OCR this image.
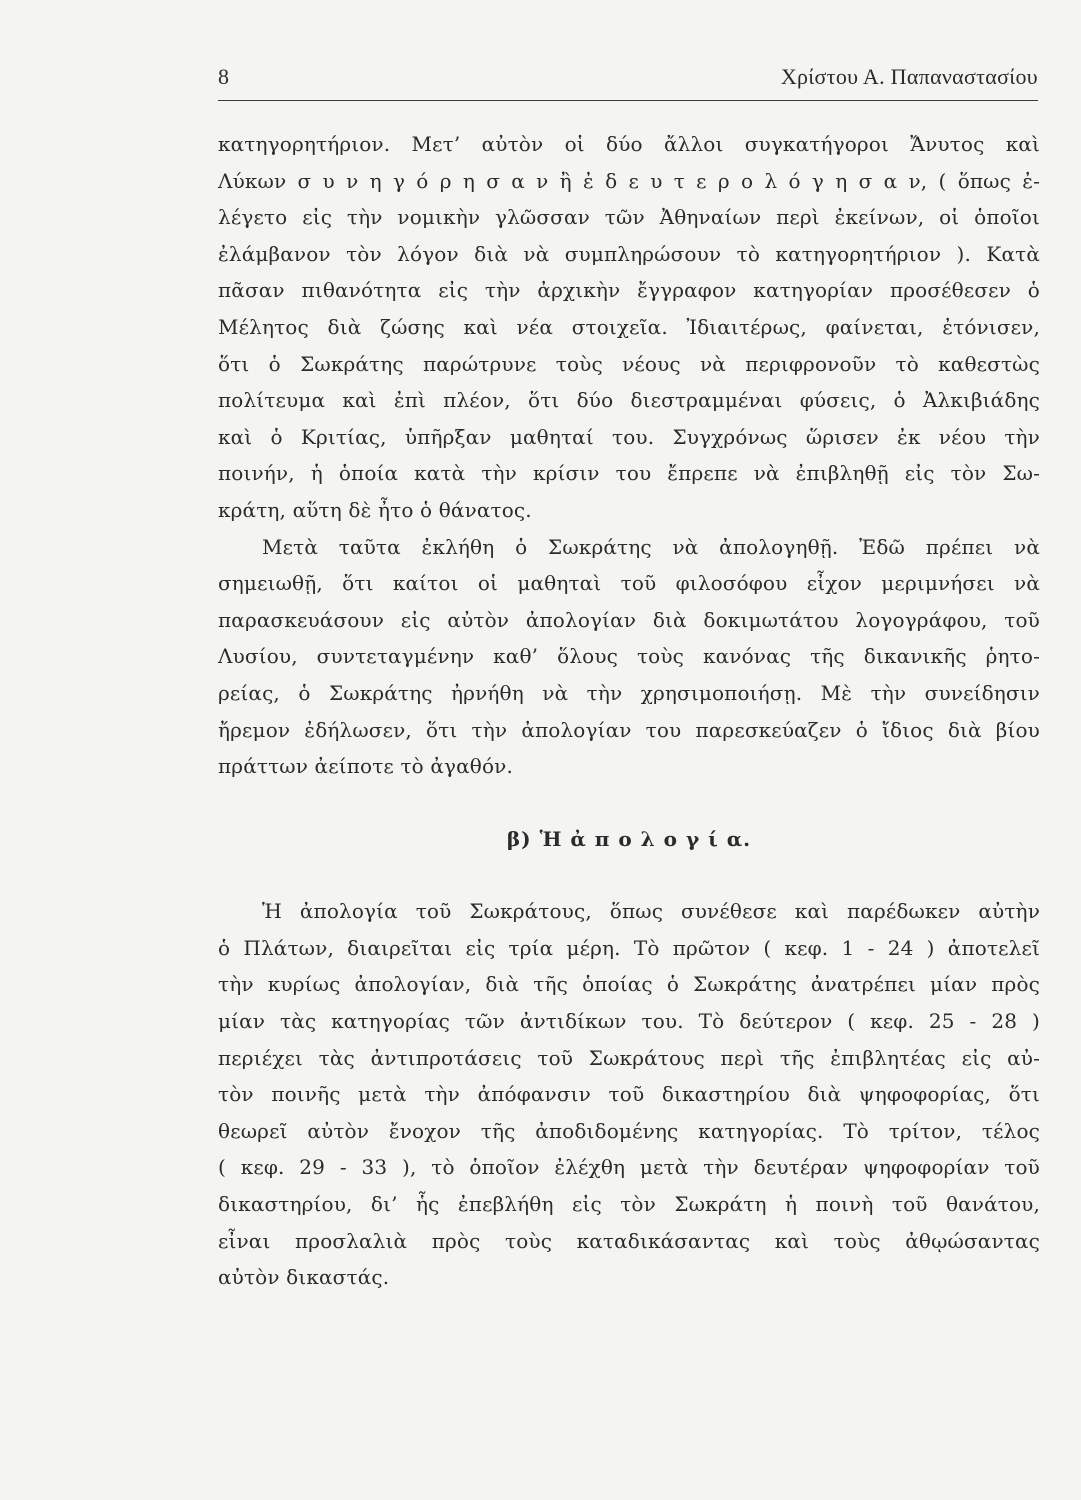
8	Χρίστου Α. Παπαναστασίου
κατηγορητήριον. Μετ’ αὐτὸν οἱ δύο ἄλλοι συγκατήγοροι Ἄνυτος καὶ
Λύκων σ υ ν η γ ό ρ η σ α ν ἢ ἐ δ ε υ τ ε ρ ο λ ό γ η σ α ν, ( ὅπως ἐ-
λέγετο εἰς τὴν νομικὴν γλῶσσαν τῶν Ἀθηναίων περὶ ἐκείνων, οἱ ὁποῖοι
ἐλάμβανον τὸν λόγον διὰ νὰ συμπληρώσουν τὸ κατηγορητήριον ). Κατὰ
πᾶσαν πιθανότητα εἰς τὴν ἀρχικὴν ἔγγραφον κατηγορίαν προσέθεσεν ὁ
Μέλητος διὰ ζώσης καὶ νέα στοιχεῖα. Ἰδιαιτέρως, φαίνεται, ἐτόνισεν,
ὅτι ὁ Σωκράτης παρώτρυνε τοὺς νέους νὰ περιφρονοῦν τὸ καθεστὼς
πολίτευμα καὶ ἐπὶ πλέον, ὅτι δύο διεστραμμέναι φύσεις, ὁ Ἀλκιβιάδης
καὶ ὁ Κριτίας, ὑπῆρξαν μαθηταί του. Συγχρόνως ὥρισεν ἐκ νέου τὴν
ποινήν, ἡ ὁποία κατὰ τὴν κρίσιν του ἔπρεπε νὰ ἐπιβληθῇ εἰς τὸν Σω-
κράτη, αὕτη δὲ ἦτο ὁ θάνατος.
Μετὰ ταῦτα ἐκλήθη ὁ Σωκράτης νὰ ἀπολογηθῇ. Ἐδῶ πρέπει νὰ
σημειωθῇ, ὅτι καίτοι οἱ μαθηταὶ τοῦ φιλοσόφου εἶχον μεριμνήσει νὰ
παρασκευάσουν εἰς αὐτὸν ἀπολογίαν διὰ δοκιμωτάτου λογογράφου, τοῦ
Λυσίου, συντεταγμένην καθ’ ὅλους τοὺς κανόνας τῆς δικανικῆς ῥητο-
ρείας, ὁ Σωκράτης ἠρνήθη νὰ τὴν χρησιμοποιήσῃ. Μὲ τὴν συνείδησιν
ἤρεμον ἐδήλωσεν, ὅτι τὴν ἀπολογίαν του παρεσκεύαζεν ὁ ἴδιος διὰ βίου
πράττων ἀείποτε τὸ ἀγαθόν.
β) Ἡ ἀ π ο λ ο γ ί α.
Ἡ ἀπολογία τοῦ Σωκράτους, ὅπως συνέθεσε καὶ παρέδωκεν αὐτὴν
ὁ Πλάτων, διαιρεῖται εἰς τρία μέρη. Τὸ πρῶτον ( κεφ. 1 - 24 ) ἀποτελεῖ
τὴν κυρίως ἀπολογίαν, διὰ τῆς ὁποίας ὁ Σωκράτης ἀνατρέπει μίαν πρὸς
μίαν τὰς κατηγορίας τῶν ἀντιδίκων του. Τὸ δεύτερον ( κεφ. 25 - 28 )
περιέχει τὰς ἀντιπροτάσεις τοῦ Σωκράτους περὶ τῆς ἐπιβλητέας εἰς αὐ-
τὸν ποινῆς μετὰ τὴν ἀπόφανσιν τοῦ δικαστηρίου διὰ ψηφοφορίας, ὅτι
θεωρεῖ αὐτὸν ἔνοχον τῆς ἀποδιδομένης κατηγορίας. Τὸ τρίτον, τέλος
( κεφ. 29 - 33 ), τὸ ὁποῖον ἐλέχθη μετὰ τὴν δευτέραν ψηφοφορίαν τοῦ
δικαστηρίου, δι’ ἧς ἐπεβλήθη εἰς τὸν Σωκράτη ἡ ποινὴ τοῦ θανάτου,
εἶναι προσλαλιὰ πρὸς τοὺς καταδικάσαντας καὶ τοὺς ἀθῳώσαντας
αὐτὸν δικαστάς.
